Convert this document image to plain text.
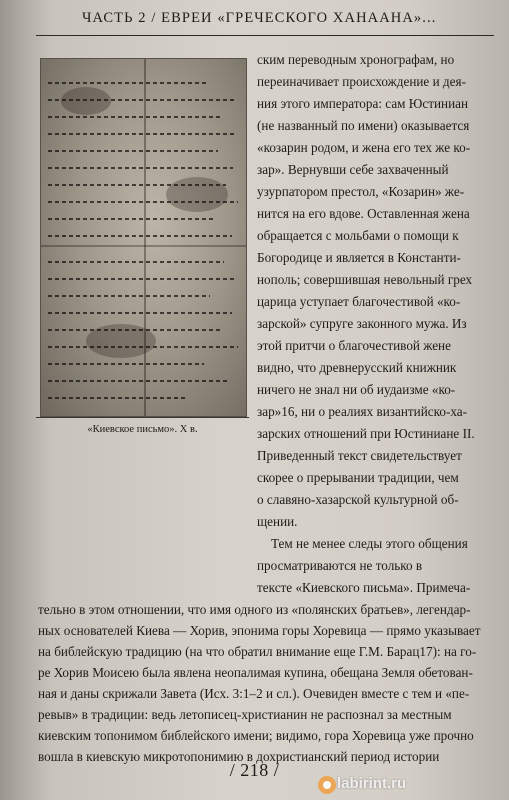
ЧАСТЬ 2 / ЕВРЕИ «ГРЕЧЕСКОГО ХАНААНА»...
«Киевское письмо». Х в.
ским переводным хронографам, но
переиначивает происхождение и дея-
ния этого императора: сам Юстиниан
(не названный по имени) оказывается
«козарин родом, и жена его тех же ко-
зар». Вернувши себе захваченный
узурпатором престол, «Козарин» же-
нится на его вдове. Оставленная жена
обращается с мольбами о помощи к
Богородице и является в Константи-
нополь; совершившая невольный грех
царица уступает благочестивой «ко-
зарской» супруге законного мужа. Из
этой притчи о благочестивой жене
видно, что древнерусский книжник
ничего не знал ни об иудаизме «ко-
зар»16, ни о реалиях византийско-ха-
зарских отношений при Юстиниане II.
Приведенный текст свидетельствует
скорее о прерывании традиции, чем
о славяно-хазарской культурной об-
щении.
Тем не менее следы этого общения
просматриваются не только в
тексте «Киевского письма». Примеча-
тельно в этом отношении, что имя одного из «полянских братьев», легендар-
ных основателей Киева — Хорив, эпонима горы Хоревица — прямо указывает
на библейскую традицию (на что обратил внимание еще Г.М. Барац17): на го-
ре Хорив Моисею была явлена неопалимая купина, обещана Земля обетован-
ная и даны скрижали Завета (Исх. 3:1–2 и сл.). Очевиден вместе с тем и «пе-
ревыв» в традиции: ведь летописец-христианин не распознал за местным
киевским топонимом библейского имени; видимо, гора Хоревица уже прочно
вошла в киевскую микротопонимию в дохристианский период истории
/ 218 /
labirint.ru
